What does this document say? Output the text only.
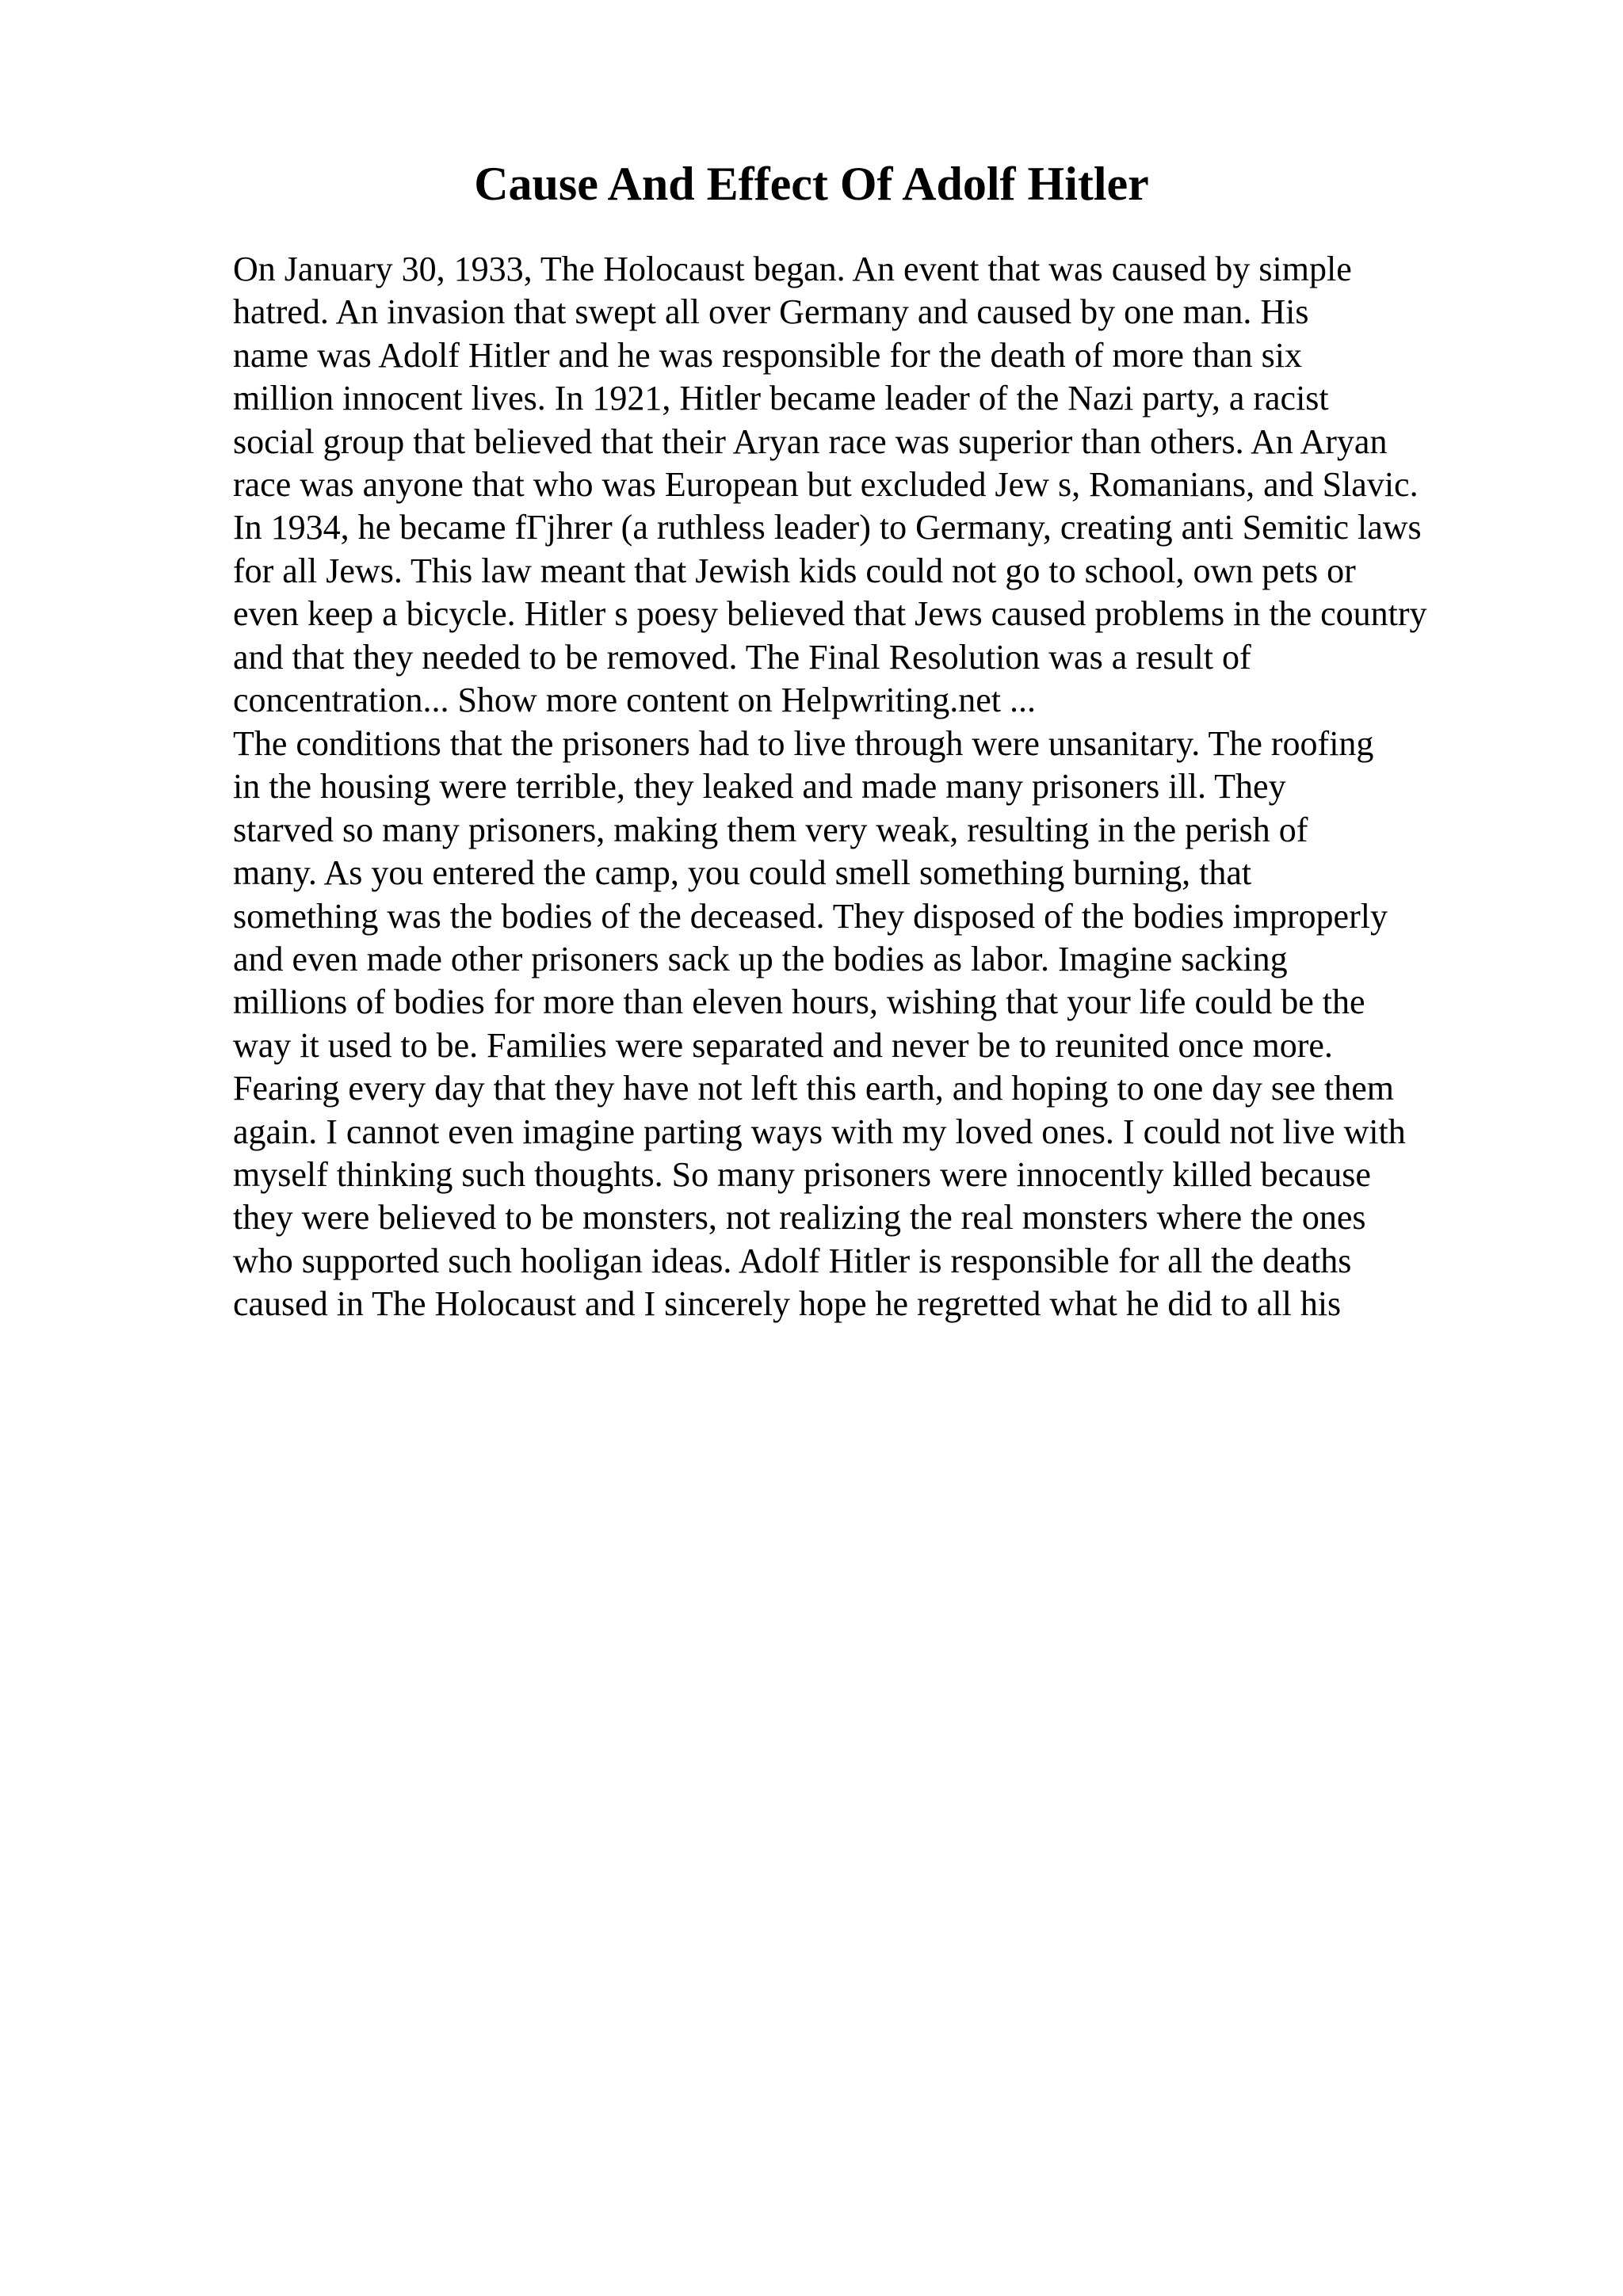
Cause And Effect Of Adolf Hitler
On January 30, 1933, The Holocaust began. An event that was caused by simple
hatred. An invasion that swept all over Germany and caused by one man. His
name was Adolf Hitler and he was responsible for the death of more than six
million innocent lives. In 1921, Hitler became leader of the Nazi party, a racist
social group that believed that their Aryan race was superior than others. An Aryan
race was anyone that who was European but excluded Jew s, Romanians, and Slavic.
In 1934, he became fГjhrer (a ruthless leader) to Germany, creating anti Semitic laws
for all Jews. This law meant that Jewish kids could not go to school, own pets or
even keep a bicycle. Hitler s poesy believed that Jews caused problems in the country
and that they needed to be removed. The Final Resolution was a result of
concentration... Show more content on Helpwriting.net ...
The conditions that the prisoners had to live through were unsanitary. The roofing
in the housing were terrible, they leaked and made many prisoners ill. They
starved so many prisoners, making them very weak, resulting in the perish of
many. As you entered the camp, you could smell something burning, that
something was the bodies of the deceased. They disposed of the bodies improperly
and even made other prisoners sack up the bodies as labor. Imagine sacking
millions of bodies for more than eleven hours, wishing that your life could be the
way it used to be. Families were separated and never be to reunited once more.
Fearing every day that they have not left this earth, and hoping to one day see them
again. I cannot even imagine parting ways with my loved ones. I could not live with
myself thinking such thoughts. So many prisoners were innocently killed because
they were believed to be monsters, not realizing the real monsters where the ones
who supported such hooligan ideas. Adolf Hitler is responsible for all the deaths
caused in The Holocaust and I sincerely hope he regretted what he did to all his
